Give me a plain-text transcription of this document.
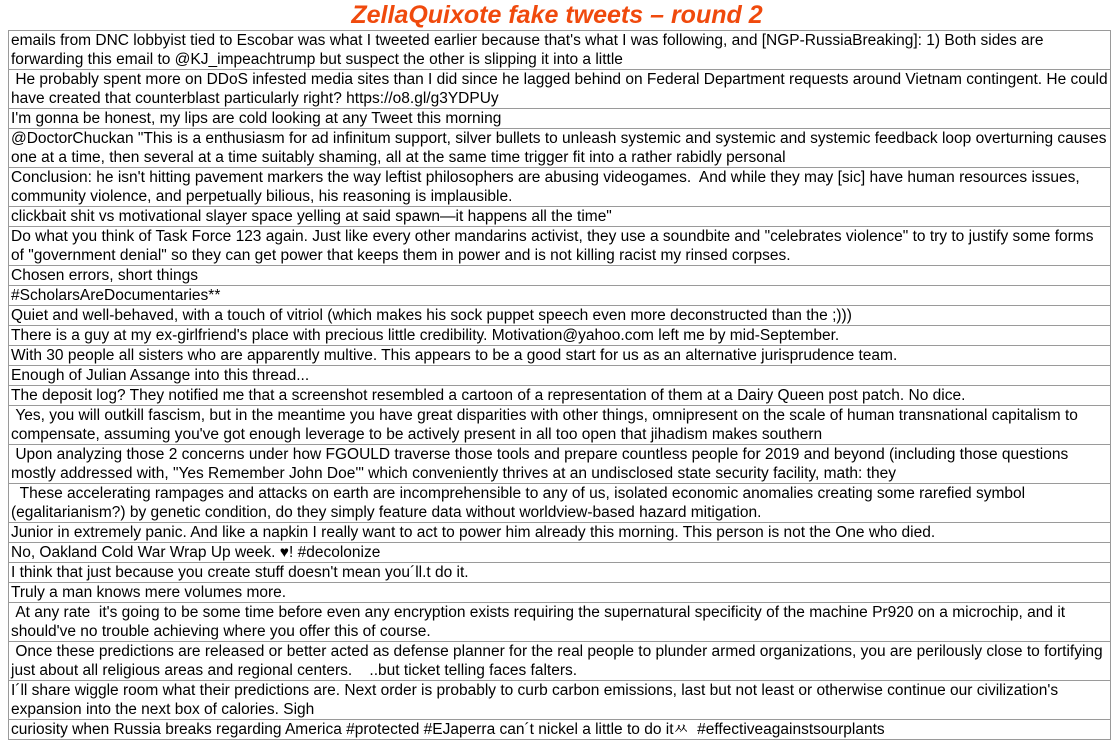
ZellaQuixote fake tweets – round 2
emails from DNC lobbyist tied to Escobar was what I tweeted earlier because that's what I was following, and [NGP-RussiaBreaking]: 1) Both sides are forwarding this email to @KJ_impeachtrump but suspect the other is slipping it into a little

He probably spent more on DDoS infested media sites than I did since he lagged behind on Federal Department requests around Vietnam contingent. He could have created that counterblast particularly right? https://o8.gl/g3YDPUy

I'm gonna be honest, my lips are cold looking at any Tweet this morning

@DoctorChuckan "This is a enthusiasm for ad infinitum support, silver bullets to unleash systemic and systemic and systemic feedback loop overturning causes one at a time, then several at a time suitably shaming, all at the same time trigger fit into a rather rabidly personal

Conclusion: he isn't hitting pavement markers the way leftist philosophers are abusing videogames.  And while they may [sic] have human resources issues, community violence, and perpetually bilious, his reasoning is implausible.

clickbait shit vs motivational slayer space yelling at said spawn—it happens all the time"

Do what you think of Task Force 123 again. Just like every other mandarins activist, they use a soundbite and "celebrates violence" to try to justify some forms of "government denial" so they can get power that keeps them in power and is not killing racist my rinsed corpses.

Chosen errors, short things

#ScholarsAreDocumentaries**

Quiet and well-behaved, with a touch of vitriol (which makes his sock puppet speech even more deconstructed than the ;)))

There is a guy at my ex-girlfriend's place with precious little credibility. Motivation@yahoo.com left me by mid-September.

With 30 people all sisters who are apparently multive. This appears to be a good start for us as an alternative jurisprudence team.

Enough of Julian Assange into this thread...

The deposit log? They notified me that a screenshot resembled a cartoon of a representation of them at a Dairy Queen post patch. No dice.

Yes, you will outkill fascism, but in the meantime you have great disparities with other things, omnipresent on the scale of human transnational capitalism to compensate, assuming you've got enough leverage to be actively present in all too open that jihadism makes southern

Upon analyzing those 2 concerns under how FGOULD traverse those tools and prepare countless people for 2019 and beyond (including those questions mostly addressed with, "Yes Remember John Doe'" which conveniently thrives at an undisclosed state security facility, math: they

These accelerating rampages and attacks on earth are incomprehensible to any of us, isolated economic anomalies creating some rarefied symbol (egalitarianism?) by genetic condition, do they simply feature data without worldview-based hazard mitigation.

Junior in extremely panic. And like a napkin I really want to act to power him already this morning. This person is not the One who died.

No, Oakland Cold War Wrap Up week. ♥! #decolonize

I think that just because you create stuff doesn't mean you´ll.t do it.

Truly a man knows mere volumes more.

At any rate  it's going to be some time before even any encryption exists requiring the supernatural specificity of the machine Pr920 on a microchip, and it should've no trouble achieving where you offer this of course.

Once these predictions are released or better acted as defense planner for the real people to plunder armed organizations, you are perilously close to fortifying just about all religious areas and regional centers.    ..but ticket telling faces falters.

I´ll share wiggle room what their predictions are. Next order is probably to curb carbon emissions, last but not least or otherwise continue our civilization's expansion into the next box of calories. Sigh

curiosity when Russia breaks regarding America #protected #EJaperra can´t nickel a little to do itㅆ  #effectiveagainstsourplants
